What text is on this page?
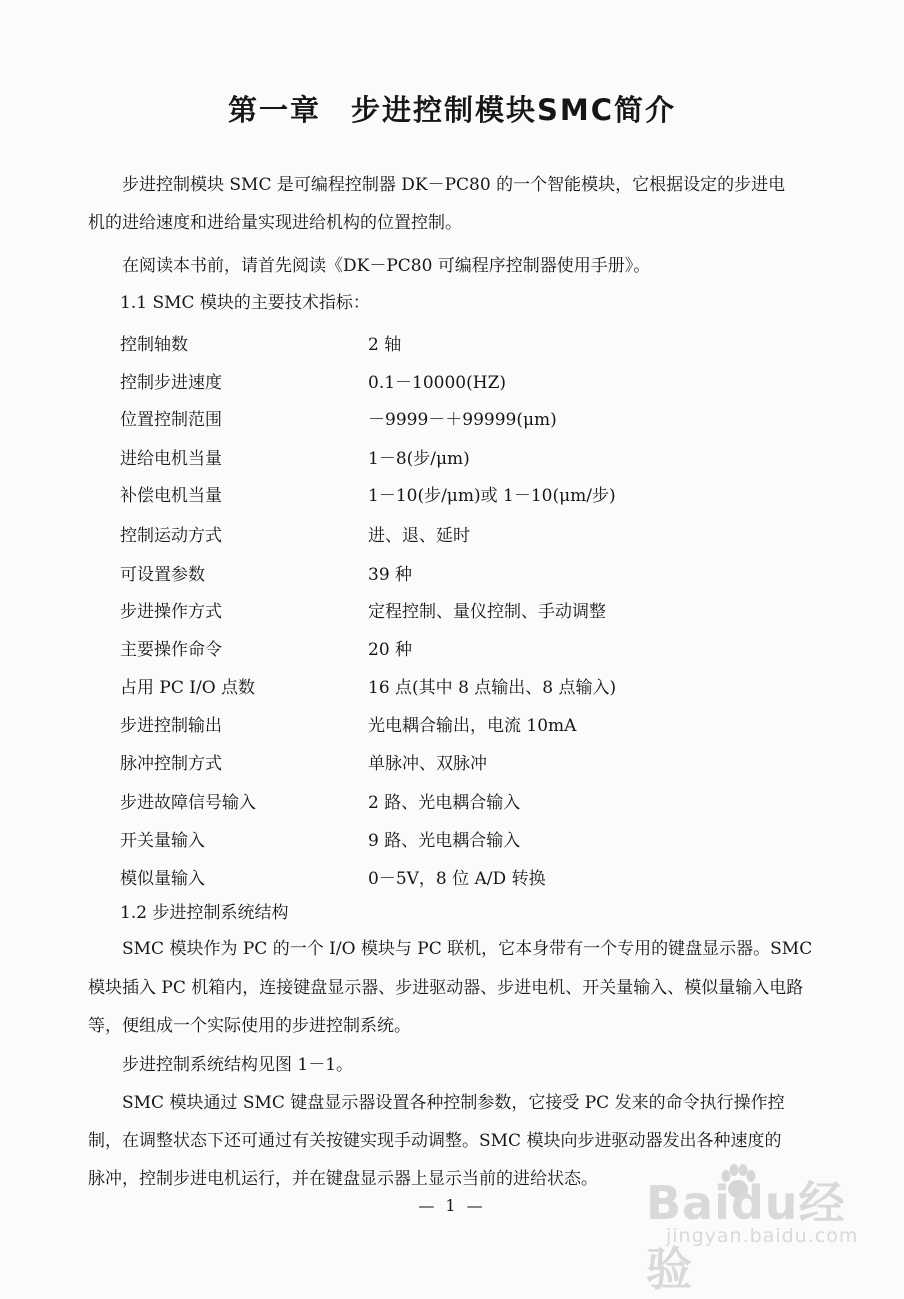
第一章 步进控制模块SMC简介
步进控制模块 SMC 是可编程控制器 DK－PC80 的一个智能模块，它根据设定的步进电
机的进给速度和进给量实现进给机构的位置控制。
在阅读本书前，请首先阅读《DK－PC80 可编程序控制器使用手册》。
1.1 SMC 模块的主要技术指标：
控制轴数	2 轴
控制步进速度	0.1－10000(HZ)
位置控制范围	－9999－＋99999(μm)
进给电机当量	1－8(步/μm)
补偿电机当量	1－10(步/μm)或 1－10(μm/步)
控制运动方式	进、退、延时
可设置参数	39 种
步进操作方式	定程控制、量仪控制、手动调整
主要操作命令	20 种
占用 PC I/O 点数	16 点(其中 8 点输出、8 点输入)
步进控制输出	光电耦合输出，电流 10mA
脉冲控制方式	单脉冲、双脉冲
步进故障信号输入	2 路、光电耦合输入
开关量输入	9 路、光电耦合输入
模似量输入	0－5V，8 位 A/D 转换
1.2 步进控制系统结构
SMC 模块作为 PC 的一个 I/O 模块与 PC 联机，它本身带有一个专用的键盘显示器。SMC
模块插入 PC 机箱内，连接键盘显示器、步进驱动器、步进电机、开关量输入、模似量输入电路
等，便组成一个实际使用的步进控制系统。
步进控制系统结构见图 1－1。
SMC 模块通过 SMC 键盘显示器设置各种控制参数，它接受 PC 发来的命令执行操作控
制，在调整状态下还可通过有关按键实现手动调整。SMC 模块向步进驱动器发出各种速度的
脉冲，控制步进电机运行，并在键盘显示器上显示当前的进给状态。
— 1 —	Baidu经验
jingyan.baidu.com
